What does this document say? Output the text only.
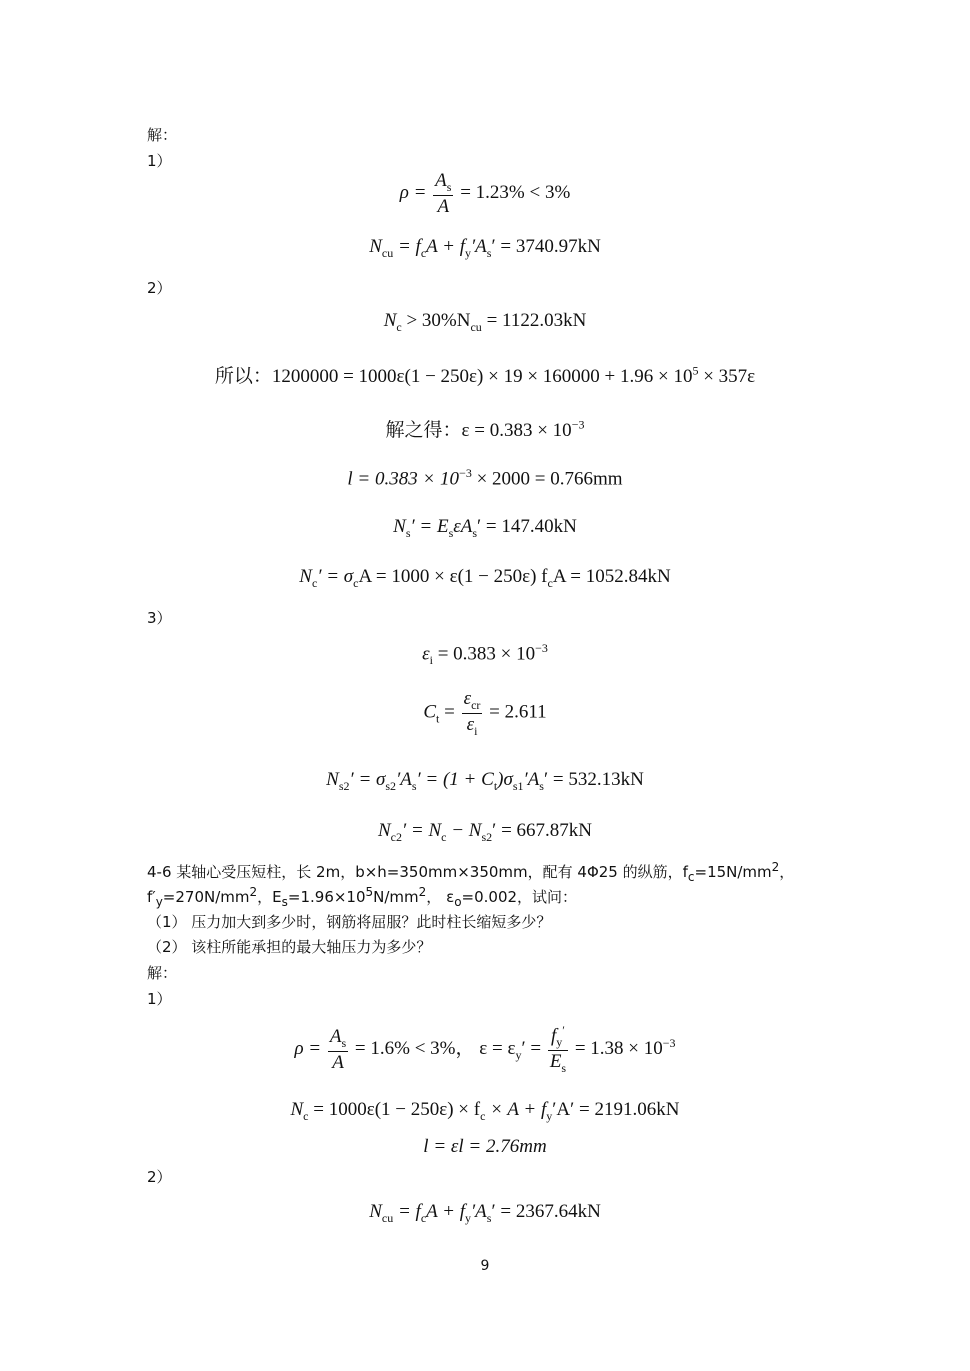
解：
1）
$\rho = \frac{A_s}{A} = 1.23\% < 3\%$
$N_{cu} = f_cA + f_y'A_s' = 3740.97kN$
2）
$N_c > 30\%N_{cu} = 1122.03kN$
所以：$1200000 = 1000\varepsilon(1 - 250\varepsilon) \times 19 \times 160000 + 1.96 \times 10^5 \times 357\varepsilon$
解之得：$\varepsilon = 0.383 \times 10^{-3}$
$l = 0.383 \times 10^{-3} \times 2000 = 0.766mm$
$N_s' = E_s\varepsilon A_s' = 147.40kN$
$N_c' = \sigma_cA = 1000 \times \varepsilon(1 - 250\varepsilon) f_cA = 1052.84kN$
3）
$\varepsilon_i = 0.383 \times 10^{-3}$
$C_t = \frac{\varepsilon_{cr}}{\varepsilon_i} = 2.611$
$N_{s2}' = \sigma_{s2}'A_s' = (1 + C_t)\sigma_{s1}'A_s' = 532.13kN$
$N_{c2}' = N_c - N_{s2}' = 667.87kN$
4-6 某轴心受压短柱，长 2m，b×h=350mm×350mm，配有 4Φ25 的纵筋，$f_c=15N/mm^2$，
$f'_y=270N/mm^2$，$E_s=1.96\times 10^5N/mm^2$， $\varepsilon_o=0.002$，试问：
（1） 压力加大到多少时，钢筋将屈服？此时柱长缩短多少？
（2） 该柱所能承担的最大轴压力为多少？
解：
1）
$\rho = \frac{A_s}{A} = 1.6\% < 3\%$， $\varepsilon = \varepsilon_y' = \frac{f_y'}{E_s} = 1.38 \times 10^{-3}$
$N_c = 1000\varepsilon(1 - 250\varepsilon) \times f_c \times A + f_y'A' = 2191.06kN$
l = εl = 2.76mm
2）
$N_{cu} = f_cA + f_y'A_s' = 2367.64kN$
9
